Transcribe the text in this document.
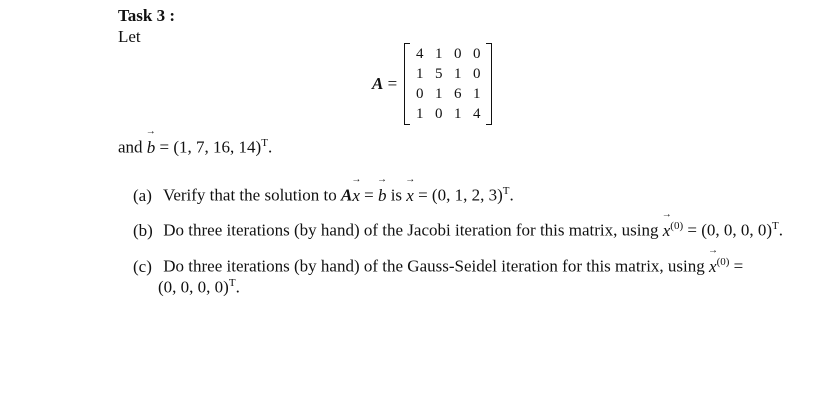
Task 3 :
Let
A =
4 1 0 0
1 5 1 0
0 1 6 1
1 0 1 4
and → b = (1, 7, 16, 14)$^T$.
(a) Verify that the solution to A→ x = → b is → x = (0, 1, 2, 3)$^T$.
(b) Do three iterations (by hand) of the Jacobi iteration for this matrix, $using \to x^{(0)} = (0$, 0, 0, 0)$^T$.
(c) Do three iterations (by hand) of the Gauss-Seidel iteration for this matrix, $using \to x^{(0)}$ =
(0, 0, 0, 0)$^T$.
